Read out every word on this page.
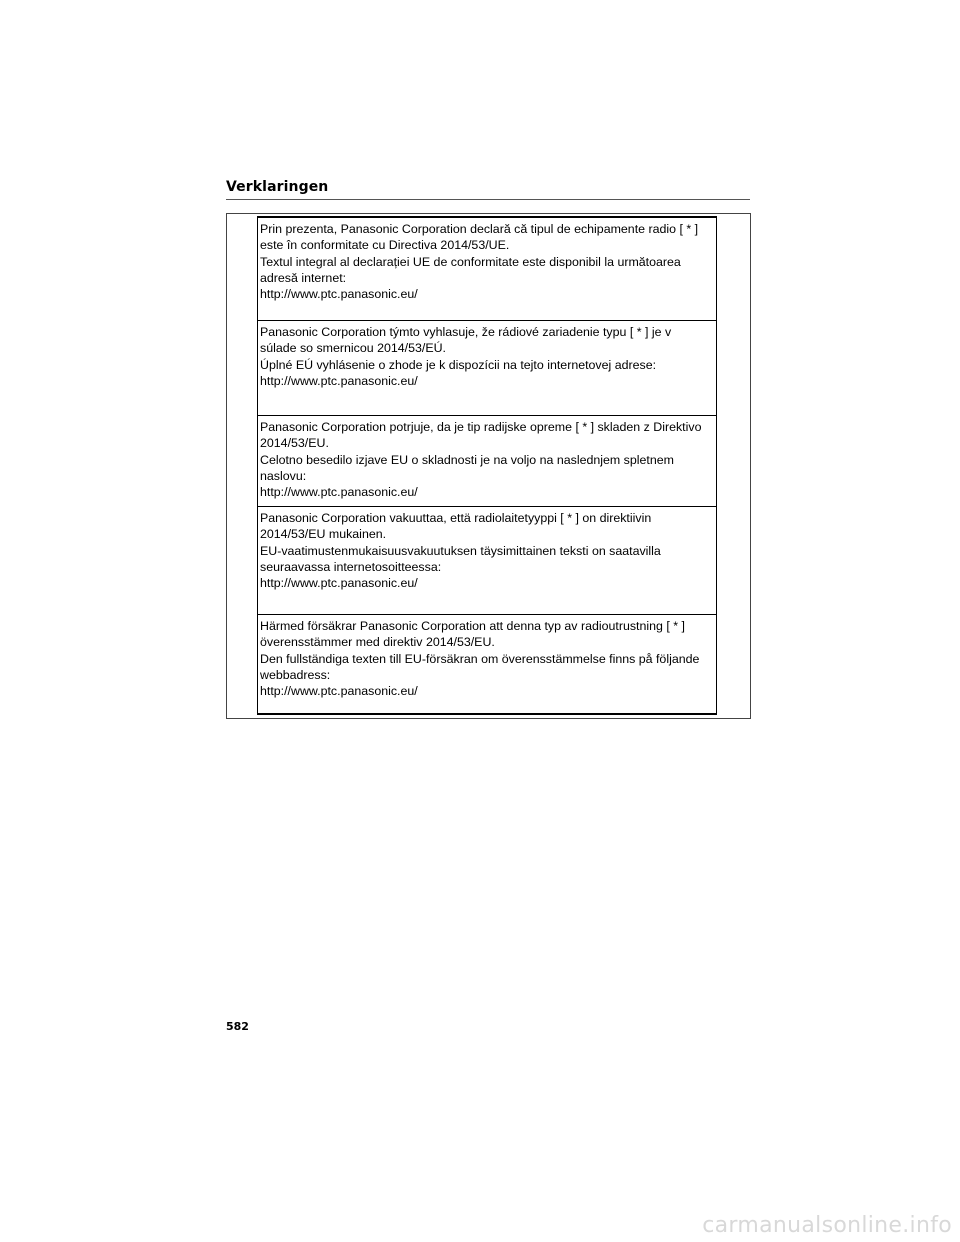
Verklaringen
Prin prezenta, Panasonic Corporation declară că tipul de echipamente radio [ * ]
este în conformitate cu Directiva 2014/53/UE.
Textul integral al declarației UE de conformitate este disponibil la următoarea
adresă internet:
http://www.ptc.panasonic.eu/
Panasonic Corporation týmto vyhlasuje, že rádiové zariadenie typu [ * ] je v
súlade so smernicou 2014/53/EÚ.
Úplné EÚ vyhlásenie o zhode je k dispozícii na tejto internetovej adrese:
http://www.ptc.panasonic.eu/
Panasonic Corporation potrjuje, da je tip radijske opreme [ * ] skladen z Direktivo
2014/53/EU.
Celotno besedilo izjave EU o skladnosti je na voljo na naslednjem spletnem
naslovu:
http://www.ptc.panasonic.eu/
Panasonic Corporation vakuuttaa, että radiolaitetyyppi [ * ] on direktiivin
2014/53/EU mukainen.
EU-vaatimustenmukaisuusvakuutuksen täysimittainen teksti on saatavilla
seuraavassa internetosoitteessa:
http://www.ptc.panasonic.eu/
Härmed försäkrar Panasonic Corporation att denna typ av radioutrustning [ * ]
överensstämmer med direktiv 2014/53/EU.
Den fullständiga texten till EU-försäkran om överensstämmelse finns på följande
webbadress:
http://www.ptc.panasonic.eu/
582
carmanualsonline.info
